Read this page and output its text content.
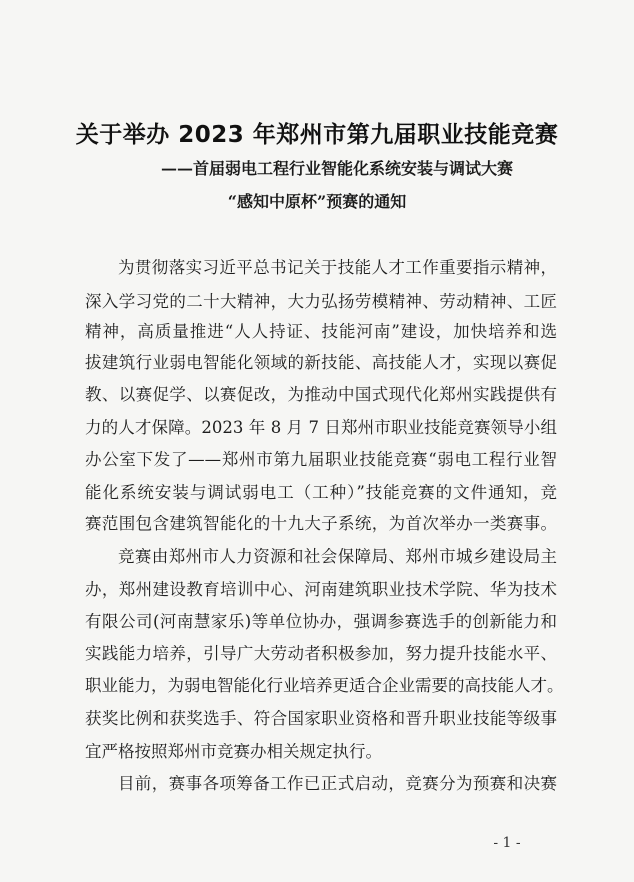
关于举办 2023 年郑州市第九届职业技能竞赛
——首届弱电工程行业智能化系统安装与调试大赛
“感知中原杯”预赛的通知
为贯彻落实习近平总书记关于技能人才工作重要指示精神，
深入学习党的二十大精神，大力弘扬劳模精神、劳动精神、工匠
精神，高质量推进“人人持证、技能河南”建设，加快培养和选
拔建筑行业弱电智能化领域的新技能、高技能人才，实现以赛促
教、以赛促学、以赛促改，为推动中国式现代化郑州实践提供有
力的人才保障。2023 年 8 月 7 日郑州市职业技能竞赛领导小组
办公室下发了——郑州市第九届职业技能竞赛“弱电工程行业智
能化系统安装与调试弱电工（工种）”技能竞赛的文件通知，竞
赛范围包含建筑智能化的十九大子系统，为首次举办一类赛事。
竞赛由郑州市人力资源和社会保障局、郑州市城乡建设局主
办，郑州建设教育培训中心、河南建筑职业技术学院、华为技术
有限公司(河南慧家乐)等单位协办，强调参赛选手的创新能力和
实践能力培养，引导广大劳动者积极参加，努力提升技能水平、
职业能力，为弱电智能化行业培养更适合企业需要的高技能人才。
获奖比例和获奖选手、符合国家职业资格和晋升职业技能等级事
宜严格按照郑州市竞赛办相关规定执行。
目前，赛事各项筹备工作已正式启动，竞赛分为预赛和决赛
- 1 -
